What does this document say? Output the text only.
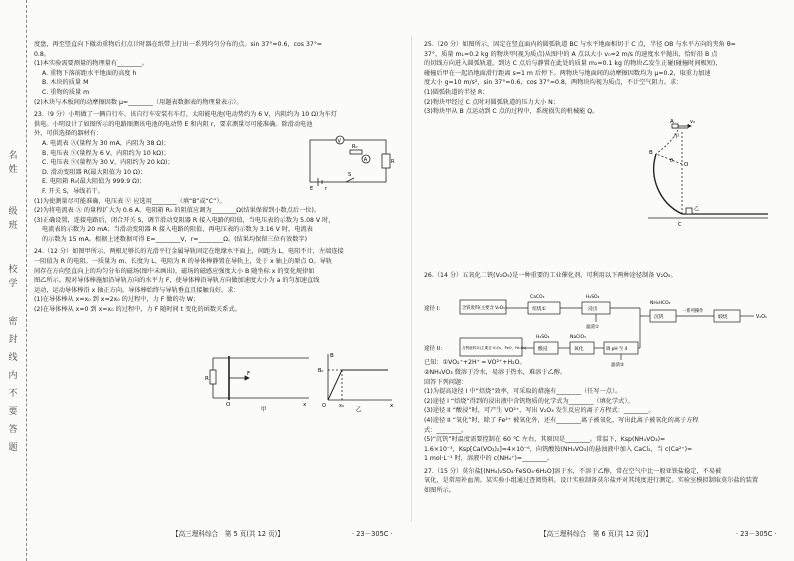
名
姓
级
班
校
学
密
封
线
内
不
要
答
题
度盘，再至竖直向下撤动重物后打点计时器在纸带上打出一系列均匀分布的点。sin 37°=0.6，cos 37°=
0.8。
(1)本实验需要测量的物理量有________。
A. 重物下落前距水平地面的高度 h
B. 木块的质量 M
C. 重物的质量 m
(2)木块与木板间的动摩擦因数 μ=________（用题表数据表的物理量表示）。
23.（9 分）小明做了一辆自行车，该自行车安装有车灯，太阳能电池(电动势约为 6 V，内阻约为 10 Ω)为车灯
供电。小明设计了如图所示的电路图测该电池的电动势 E 和内阻 r，要求测量尽可能准确。除滑动电池
外，可供选择的器材有：
A. 电流表 Ⓐ(量程为 30 mA，内阻为 38 Ω)；
B. 电压表 Ⓥ(量程为 6 V，内阻约为 10 kΩ)；
C. 电压表 Ⓥ(量程为 30 V，内阻约为 20 kΩ)；
D. 滑动变阻器 R(最大阻值为 10 Ω)；
E. 电阻箱 R₀(最大阻值为 999.9 Ω)；
F. 开关 S，导线若干。
(1)为使测量尽可能准确，电压表 Ⓥ 应选用________（填“B”或“C”）。
(2)为将电流表 Ⓐ 的量程扩大为 0.6 A，电阻箱 R₀ 的阻值应调为________Ω(结果保留到小数点后一位)。
(3)正确设置，连接电路后，闭合开关 S，调节滑动变阻器 R 接入电路的阻值，当电压表的示数为 5.08 V 时，
电流表的示数为 20 mA；当滑动变阻器 R 接入电路的阻值，再电压表的示数为 3.16 V 时，电流表
的示数为 15 mA。根据上述数据可得 E=________V，r=________Ω。(结果均保留三位有效数字)
24.（12 分）如图甲所示，两根足够长的光滑平行金属导轨固定在绝缘水平面上，间距为 L，电阻不计，左端连接
一阻值为 R 的电阻。一质量为 m、长度为 L、电阻为 R 的导体棒静置在导轨上，处于 x 轴上的原点 O。导轨
间存在方向竖直向上的均匀分布的磁场(图中未画出)，磁场的磁感应强度大小 B 随坐标 x 的变化规律如
图乙所示。现对导体棒施加沿导轨方向的水平力 F，使导体棒沿导轨方向做加速度大小为 a 的匀加速直线
运动，运动导体棒沿 x 轴正方向。导体棒始终与导轨垂直且接触良好。求：
(1)在导体棒从 x=x₀ 到 x=2x₀ 的过程中，力 F 做的功 W；
(2)在导体棒从 x=0 到 x=x₀ 的过程中，力 F 随时间 t 变化的函数关系式。
V
A
R₀
S
E r
R
R
F
O	x
甲
B
B₀
O	x₀	x
乙
25.（20 分）如图所示，固定在竖直面内的圆弧轨道 BC 与水平地面相切于 C 点，半径 OB 与水平方向的夹角 θ=
37°，质量 m₁=0.2 kg 的物块甲(视为质点)从图中的 A 点以大小 v₀=2 m/s 的速度水平抛出，恰好沿 B 点
的切线方向进入圆弧轨道，到达 C 点后与静置在此处的质量 m₂=0.1 kg 的物块乙发生正碰(碰撞时间极短)，
碰撞后甲在一起沿地面滑行距离 s=1 m 后停下。两物块与地面间的动摩擦因数均为 μ=0.2，取重力加速
度大小 g=10 m/s²，sin 37°=0.6，cos 37°=0.8，两物块均视为质点，不计空气阻力。求：
(1)圆弧轨道的半径 R；
(2)物块甲经过 C 点时对圆弧轨道的压力大小 N；
(3)物块甲从 B 点运动到 C 点的过程中，系统损失的机械能 Q。
26.（14 分）五氧化二钒(V₂O₅)是一种重要的工业催化剂，可利用以下两种途径制备 V₂O₅。
已知：①VO₂⁺+2H⁺ ═ VO²⁺+H₂O。
②NH₄VO₃ 微溶于冷水，易溶于热水，难溶于乙醇。
回答下列问题：
(1)为提高途径 I 中“焙烧”效率，可采取的措施有________（任写一点）。
(2)途径 I “焙烧”得到的浸出液中含钒物质的化学式为________（填化学式）。
(3)途径 II “酸浸”时，可产生 VO²⁺，写出 V₂O₃ 发生反应的离子方程式：________。
(4)途径 II “氧化”时，除了 Fe²⁺ 被氧化外，还有________离子被氧化，写出此离子被氧化的离子方程
式：________。
(5)“沉钒”时温度需要控制在 60 ℃ 左右，其原因是________。常温下，Ksp(NH₄VO₃)=
1.6×10⁻³，Ksp[Ca(VO₃)₂]=4×10⁻⁶，向钒酸铵(NH₄VO₃)的悬浊液中加入 CaCl₂，当 c(Ca²⁺)=
1 mol·L⁻¹ 时，溶液中的 c(NH₄⁺)=________。
27.（15 分）莫尔盐[(NH₄)₂SO₄·FeSO₄·6H₂O]溶于水，不溶于乙醇，常在空气中比一般亚铁盐稳定，不易被
氧化，是常用补血剂。某实验小组通过查阅资料，设计实验制备莫尔盐并对其纯度进行测定。实验室模拟制取莫尔盐的装置
如图所示。
A	v₀
B
O
θ
C
甲
乙
途径 I：	含钒废料(主要含 V₂O₅)
CaCO₃	H₂SO₄
焙烧①	浸出
NH₄HCO₃
沉钒
一系列操作
煅烧	V₂O₅
滤渣①
途径 II：	含钒废料②(主要含 V₂O₃、FeO、Fe₂O₃)
H₂SO₄	NaClO₃
酸浸	氧化	调 pH 至 4
滤渣②
【高三理科综合　第 5 页(共 12 页)】	· 23－305C ·	【高三理科综合　第 6 页(共 12 页)】	· 23－305C ·
